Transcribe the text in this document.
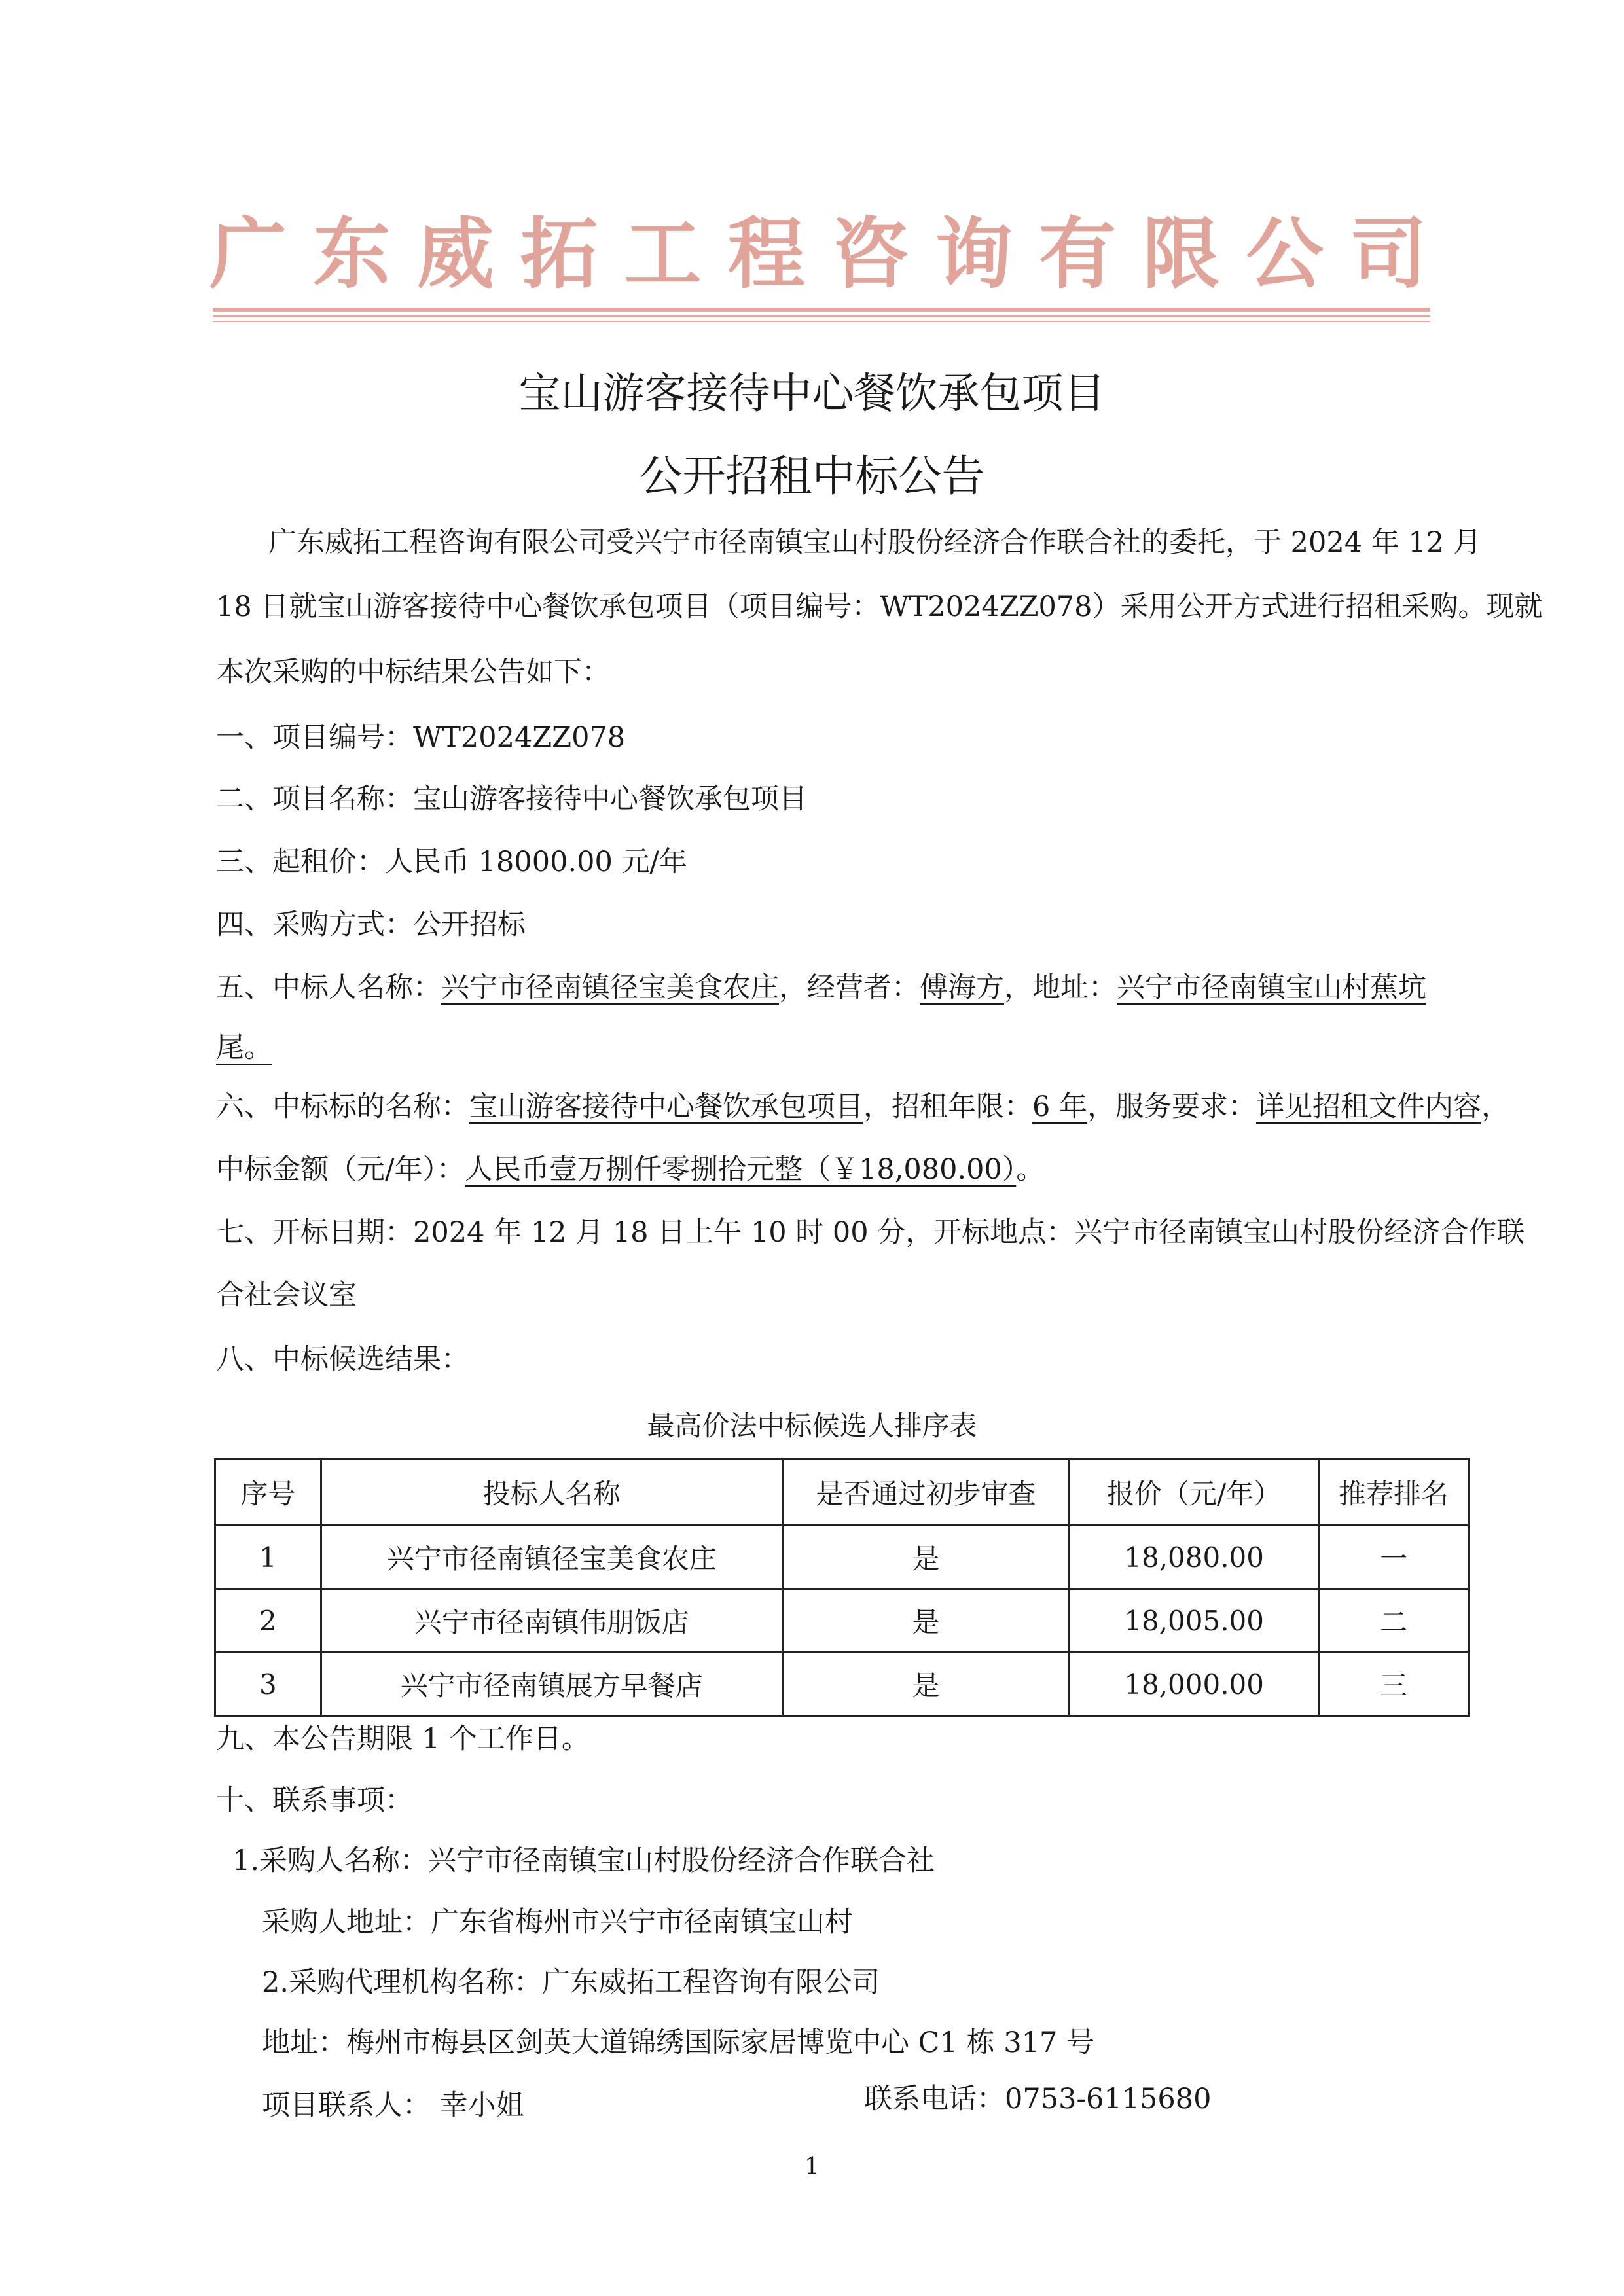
广 东 威 拓 工 程 咨 询 有 限 公 司
宝山游客接待中心餐饮承包项目
公开招租中标公告
广东威拓工程咨询有限公司受兴宁市径南镇宝山村股份经济合作联合社的委托，于 2024 年 12 月
18 日就宝山游客接待中心餐饮承包项目（项目编号：WT2024ZZ078）采用公开方式进行招租采购。现就
本次采购的中标结果公告如下：
一、项目编号：WT2024ZZ078
二、项目名称：宝山游客接待中心餐饮承包项目
三、起租价：人民币 18000.00 元/年
四、采购方式：公开招标
五、中标人名称：兴宁市径南镇径宝美食农庄，经营者：傅海方，地址：兴宁市径南镇宝山村蕉坑
尾。
六、中标标的名称：宝山游客接待中心餐饮承包项目，招租年限：6 年，服务要求：详见招租文件内容，
中标金额（元/年）：人民币壹万捌仟零捌拾元整（￥18,080.00）。
七、开标日期：2024 年 12 月 18 日上午 10 时 00 分，开标地点：兴宁市径南镇宝山村股份经济合作联
合社会议室
八、中标候选结果：
最高价法中标候选人排序表
序号	投标人名称	是否通过初步审查	报价（元/年）	推荐排名
1	兴宁市径南镇径宝美食农庄	是	18,080.00	一
2	兴宁市径南镇伟朋饭店	是	18,005.00	二
3	兴宁市径南镇展方早餐店	是	18,000.00	三
九、本公告期限 1 个工作日。
十、联系事项：
1.采购人名称：兴宁市径南镇宝山村股份经济合作联合社
采购人地址：广东省梅州市兴宁市径南镇宝山村
2.采购代理机构名称：广东威拓工程咨询有限公司
地址：梅州市梅县区剑英大道锦绣国际家居博览中心 C1 栋 317 号
项目联系人： 幸小姐	联系电话：0753-6115680
1
